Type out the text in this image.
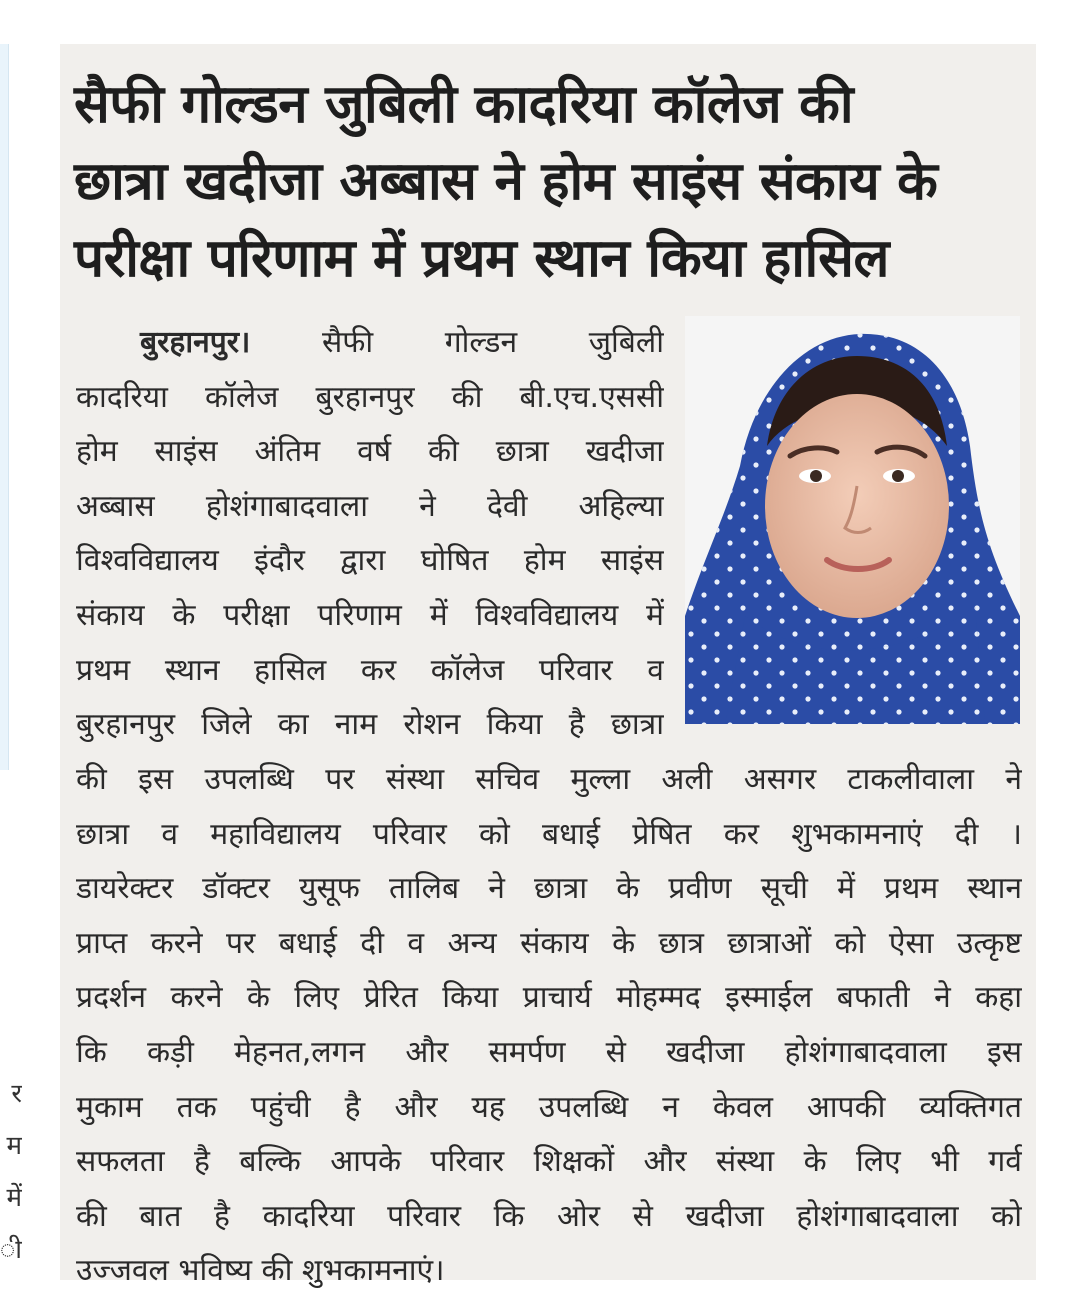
र
म
में
ी
सैफी गोल्डन जुबिली कादरिया कॉलेज की
छात्रा खदीजा अब्बास ने होम साइंस संकाय के
परीक्षा परिणाम में प्रथम स्थान किया हासिल
बुरहानपुर। सैफी गोल्डन जुबिली
कादरिया कॉलेज बुरहानपुर की बी.एच.एससी
होम साइंस अंतिम वर्ष की छात्रा खदीजा
अब्बास होशंगाबादवाला ने देवी अहिल्या
विश्वविद्यालय इंदौर द्वारा घोषित होम साइंस
संकाय के परीक्षा परिणाम में विश्वविद्यालय में
प्रथम स्थान हासिल कर कॉलेज परिवार व
बुरहानपुर जिले का नाम रोशन किया है छात्रा
की इस उपलब्धि पर संस्था सचिव मुल्ला अली असगर टाकलीवाला ने
छात्रा व महाविद्यालय परिवार को बधाई प्रेषित कर शुभकामनाएं दी ।
डायरेक्टर डॉक्टर युसूफ तालिब ने छात्रा के प्रवीण सूची में प्रथम स्थान
प्राप्त करने पर बधाई दी व अन्य संकाय के छात्र छात्राओं को ऐसा उत्कृष्ट
प्रदर्शन करने के लिए प्रेरित किया प्राचार्य मोहम्मद इस्माईल बफाती ने कहा
कि कड़ी मेहनत,लगन और समर्पण से खदीजा होशंगाबादवाला इस
मुकाम तक पहुंची है और यह उपलब्धि न केवल आपकी व्यक्तिगत
सफलता है बल्कि आपके परिवार शिक्षकों और संस्था के लिए भी गर्व
की बात है कादरिया परिवार कि ओर से खदीजा होशंगाबादवाला को
उज्जवल भविष्य की शुभकामनाएं।
